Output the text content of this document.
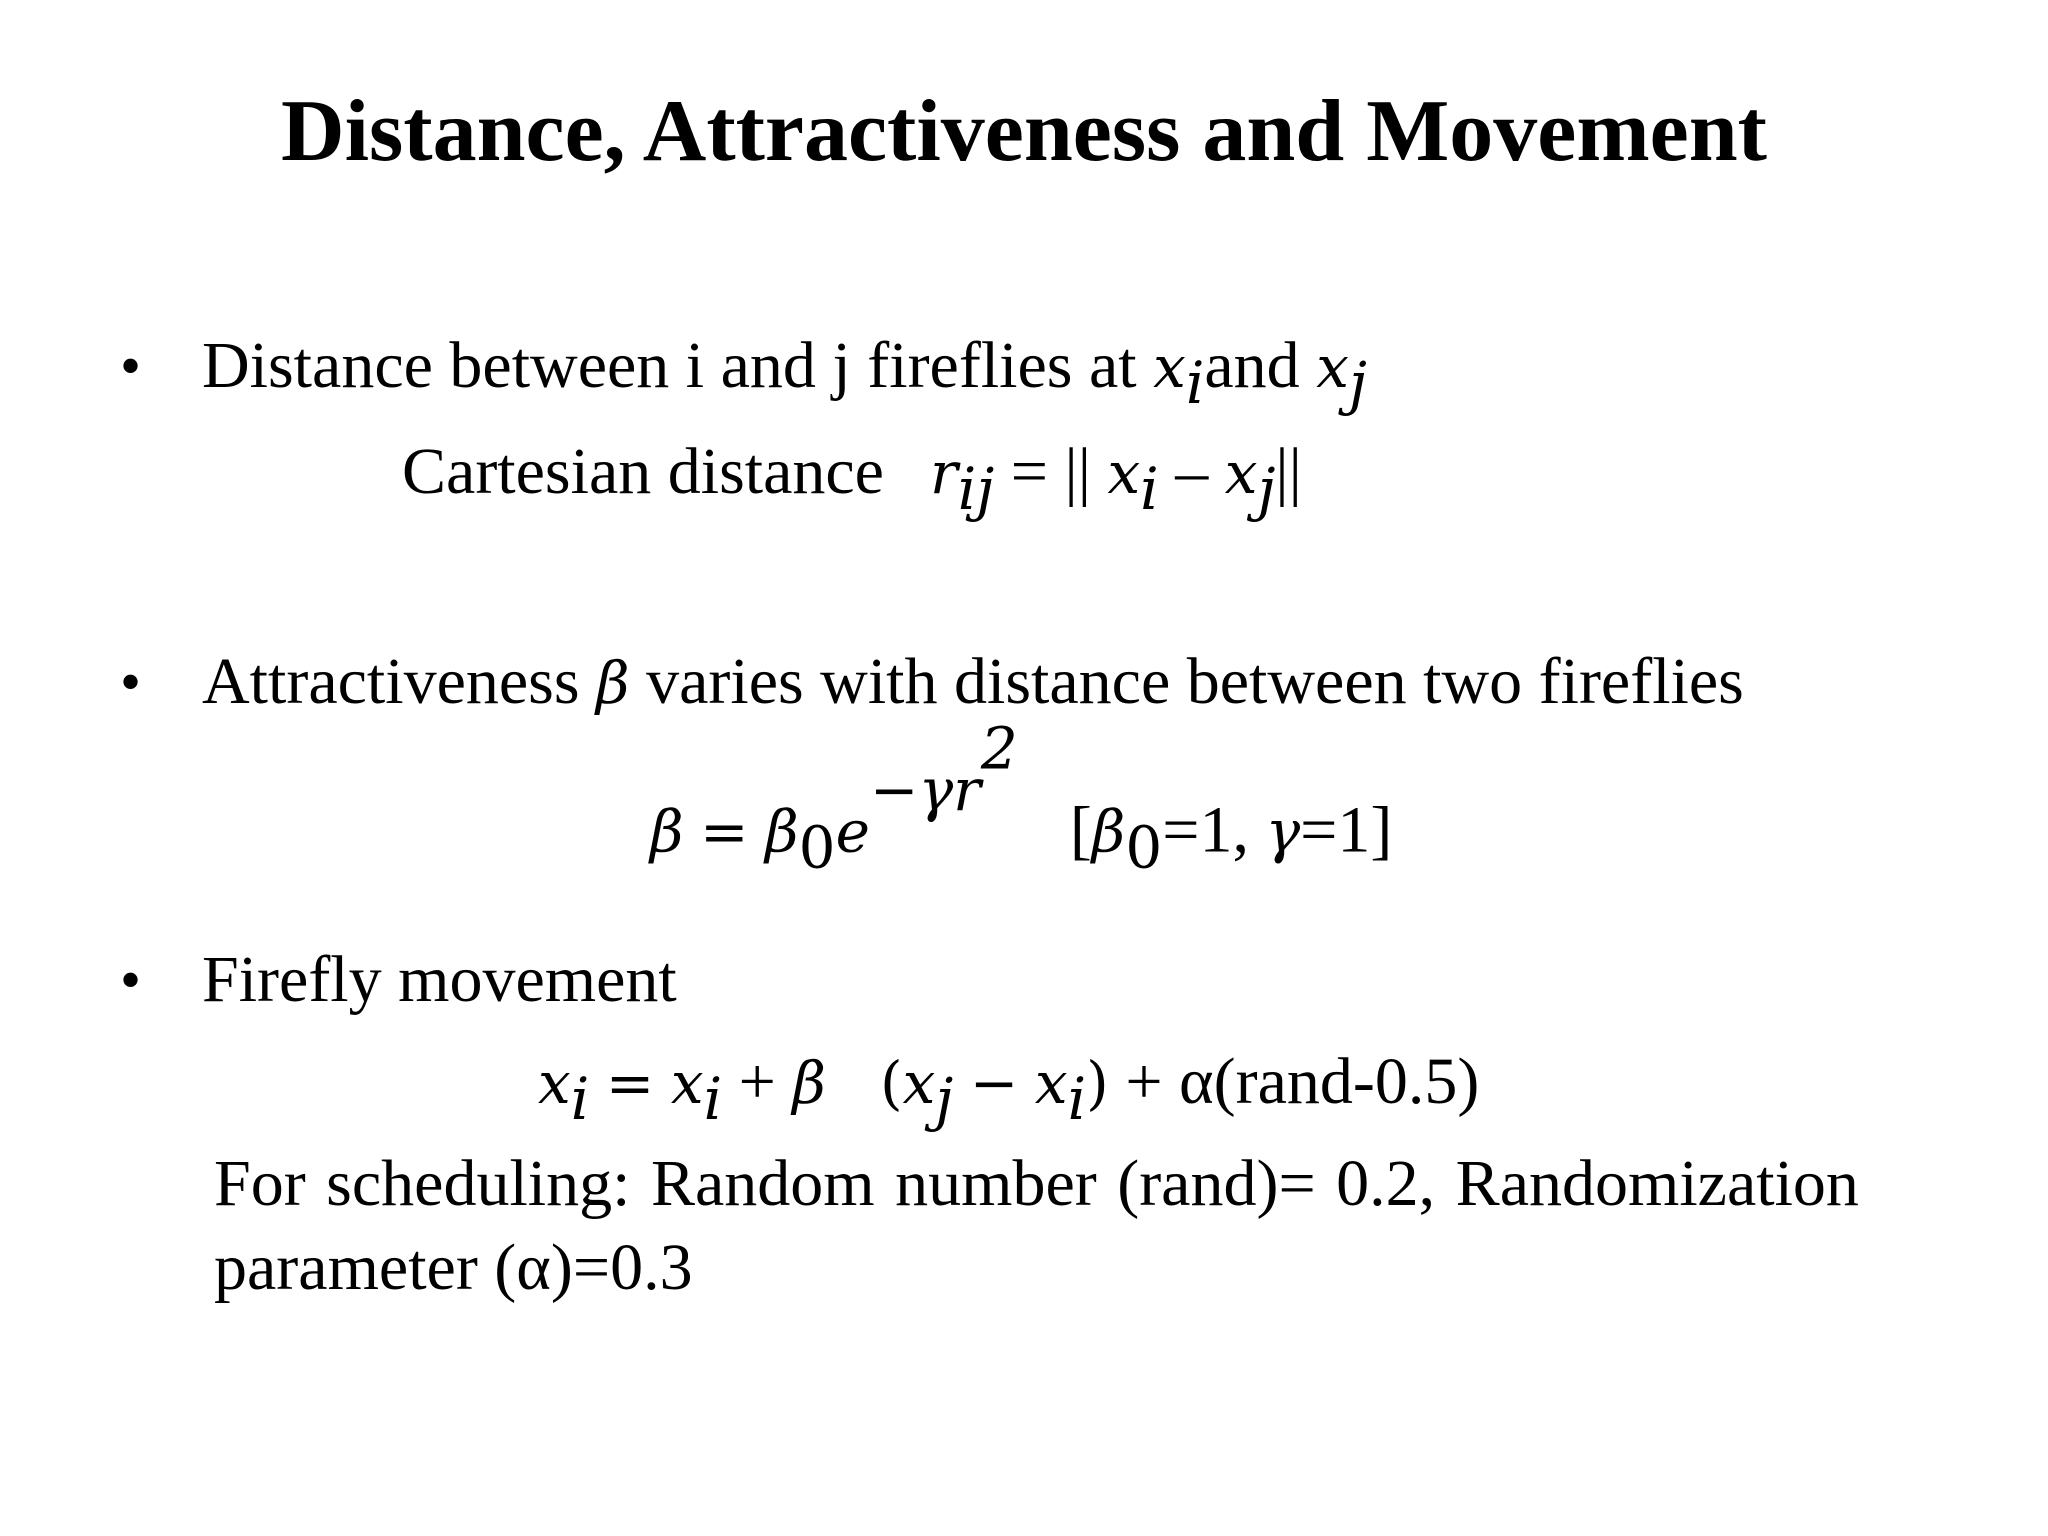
Distance, Attractiveness and Movement
• Distance between i and j fireflies at $x_iand$ $x_j$
Cartesian distance $r_{ij}$ = || $x_i - x_j||$
• Attractiveness β varies with distance between two fireflies
$\beta = \beta_0e^{-\gamma r^2}[\beta_0=1$, γ=1]
• Firefly movement
$x_i = x_i + \beta$ $(x_j - x_i)$ + α(rand-0.5)
For scheduling: Random number (rand)= 0.2, Randomization
parameter (α)=0.3
